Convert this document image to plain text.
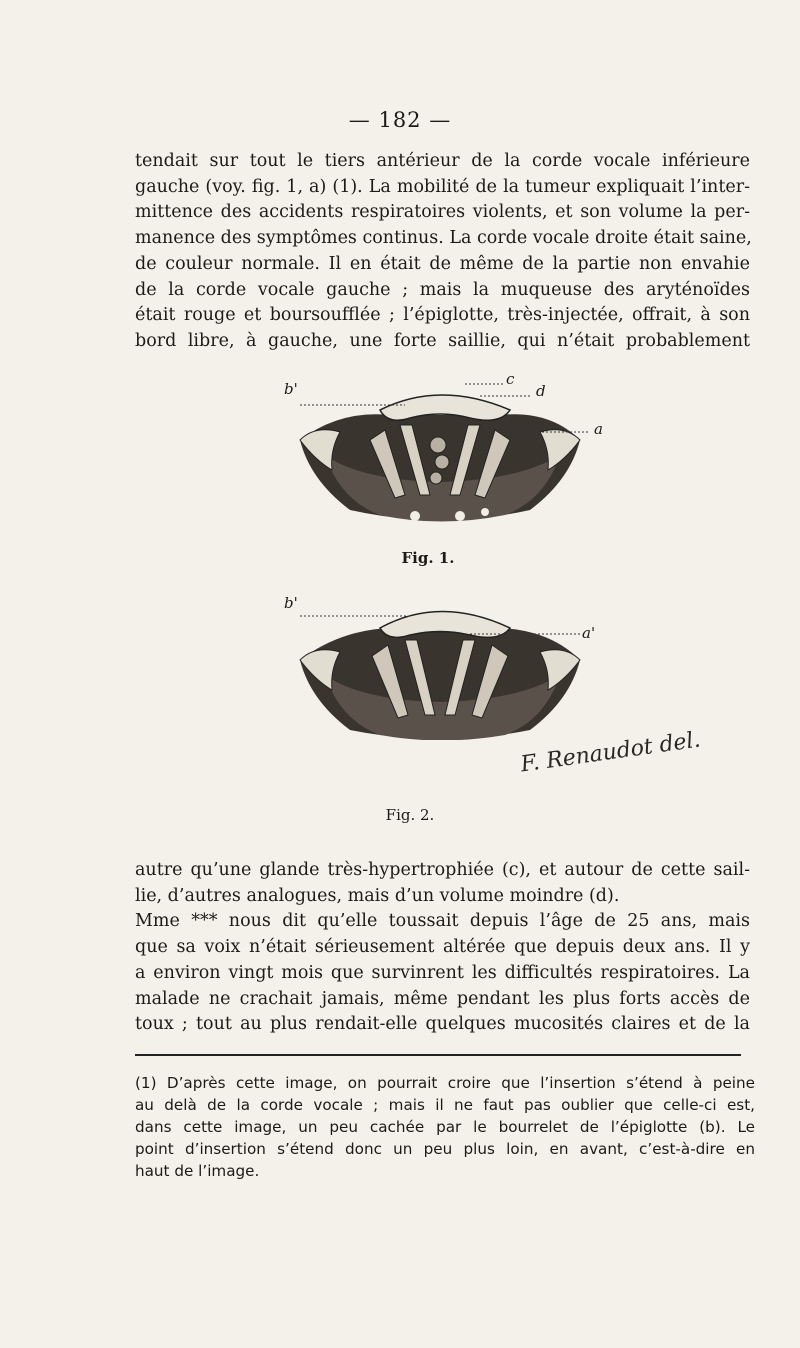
— 182 —

tendait sur tout le tiers antérieur de la corde vocale inférieure
gauche (voy. fig. 1, a) (1). La mobilité de la tumeur expliquait l’inter-
mittence des accidents respiratoires violents, et son volume la per-
manence des symptômes continus. La corde vocale droite était saine,
de couleur normale. Il en était de même de la partie non envahie
de la corde vocale gauche ; mais la muqueuse des aryténoïdes
était rouge et boursoufflée ; l’épiglotte, très-injectée, offrait, à son
bord libre, à gauche, une forte saillie, qui n’était probablement

b'
c
d
a
Fig. 1.
b'
a'
F. Renaudot del.
Fig. 2.

autre qu’une glande très-hypertrophiée (c), et autour de cette sail-
lie, d’autres analogues, mais d’un volume moindre (d).
Mme *** nous dit qu’elle toussait depuis l’âge de 25 ans, mais
que sa voix n’était sérieusement altérée que depuis deux ans. Il y
a environ vingt mois que survinrent les difficultés respiratoires. La
malade ne crachait jamais, même pendant les plus forts accès de
toux ; tout au plus rendait-elle quelques mucosités claires et de la

(1) D’après cette image, on pourrait croire que l’insertion s’étend à peine
au delà de la corde vocale ; mais il ne faut pas oublier que celle-ci est,
dans cette image, un peu cachée par le bourrelet de l’épiglotte (b). Le
point d’insertion s’étend donc un peu plus loin, en avant, c’est-à-dire en
haut de l’image.
